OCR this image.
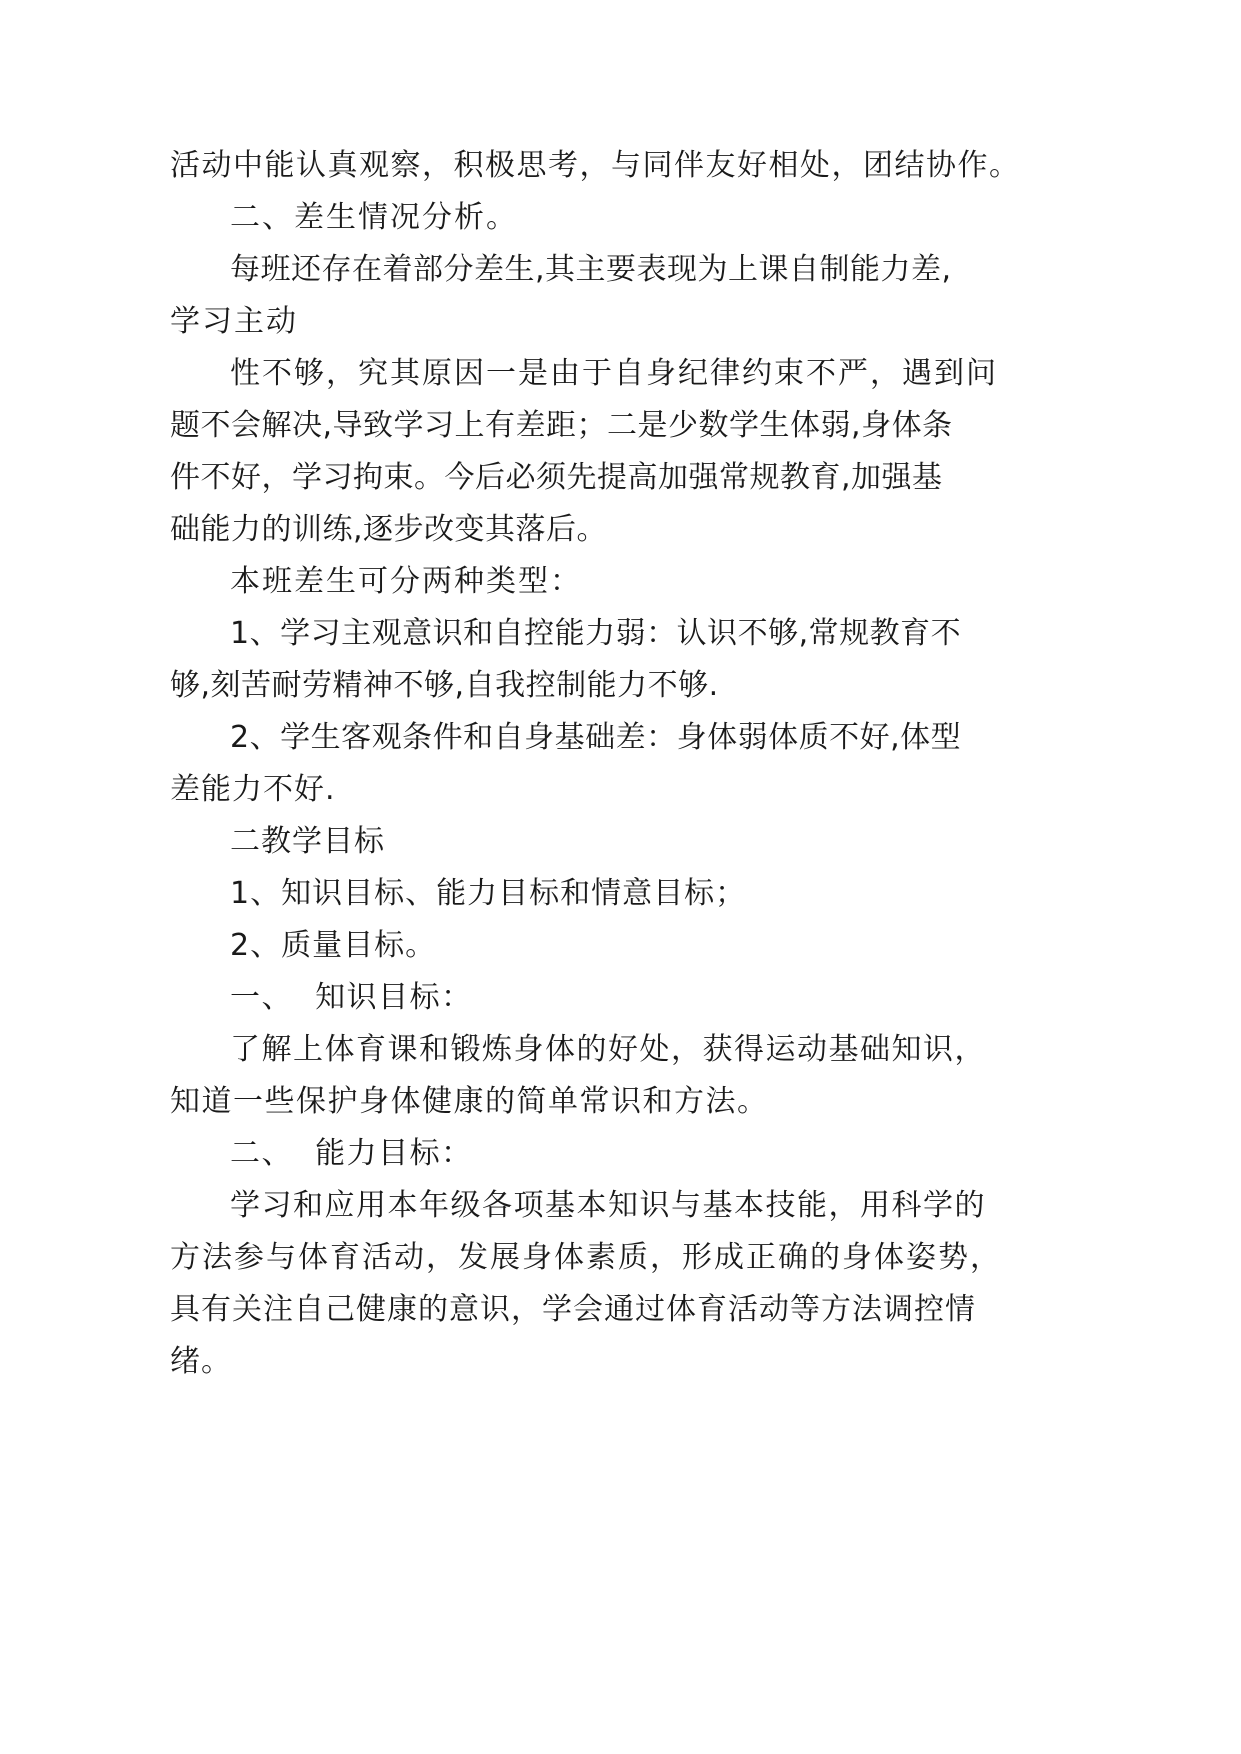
活动中能认真观察，积极思考，与同伴友好相处，团结协作。
二、差生情况分析。
每班还存在着部分差生,其主要表现为上课自制能力差,
学习主动
性不够，究其原因一是由于自身纪律约束不严，遇到问
题不会解决,导致学习上有差距；二是少数学生体弱,身体条
件不好，学习拘束。今后必须先提高加强常规教育,加强基
础能力的训练,逐步改变其落后。
本班差生可分两种类型：
1、学习主观意识和自控能力弱：认识不够,常规教育不
够,刻苦耐劳精神不够,自我控制能力不够.
2、学生客观条件和自身基础差：身体弱体质不好,体型
差能力不好.
二教学目标
1、知识目标、能力目标和情意目标；
2、质量目标。
一、  知识目标：
了解上体育课和锻炼身体的好处，获得运动基础知识，
知道一些保护身体健康的简单常识和方法。
二、  能力目标：
学习和应用本年级各项基本知识与基本技能，用科学的
方法参与体育活动，发展身体素质，形成正确的身体姿势，
具有关注自己健康的意识，学会通过体育活动等方法调控情
绪。
